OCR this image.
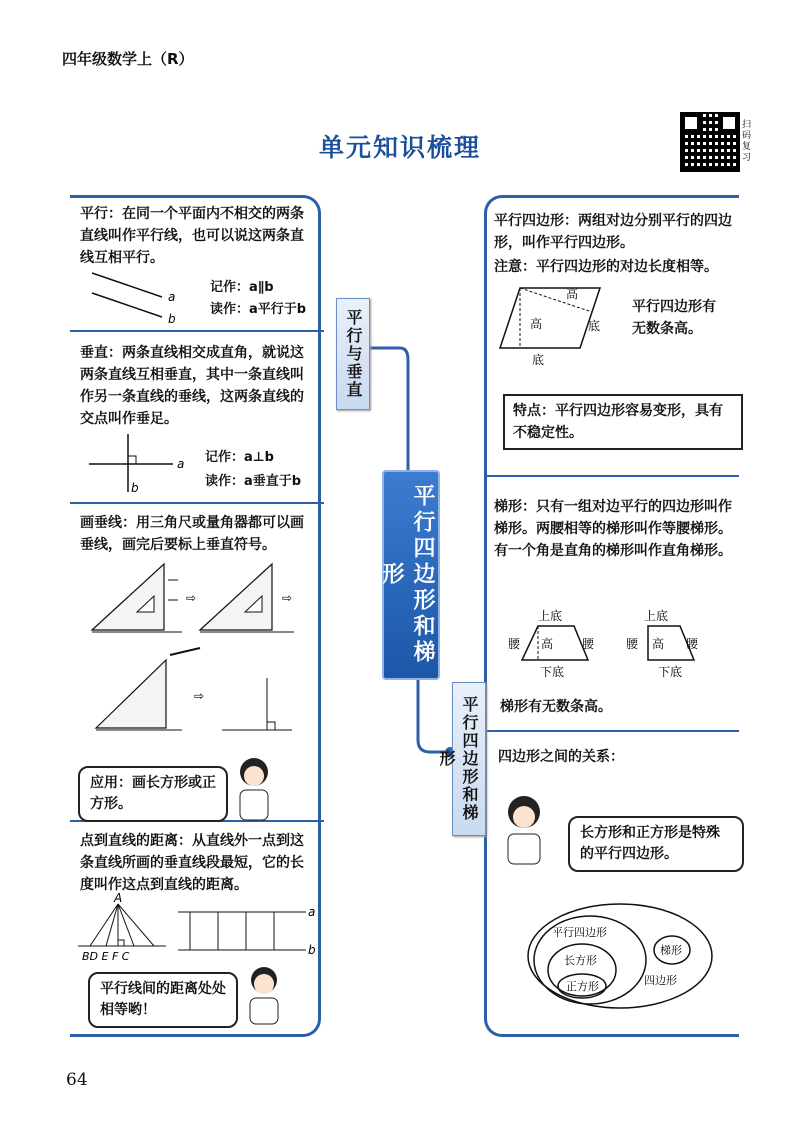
四年级数学上（R）
单元知识梳理
扫码复习
平行：在同一个平面内不相交的两条直线叫作平行线，也可以说这两条直线互相平行。
a
b
记作：a∥b
读作：a平行于b
垂直：两条直线相交成直角，就说这两条直线互相垂直，其中一条直线叫作另一条直线的垂线，这两条直线的交点叫作垂足。
a
b
记作：a⊥b
读作：a垂直于b
画垂线：用三角尺或量角器都可以画垂线，画完后要标上垂直符号。
⇨	⇨
⇨
应用：画长方形或正方形。
点到直线的距离：从直线外一点到这条直线所画的垂直线段最短，它的长度叫作这点到直线的距离。
A
BD E F C
a
b
平行线间的距离处处相等哟！
平行与垂直
平行四边形和梯形
平行四边形和梯形
平行四边形：两组对边分别平行的四边形，叫作平行四边形。
注意：平行四边形的对边长度相等。
高
高	底
底
平行四边形有无数条高。
特点：平行四边形容易变形，具有不稳定性。
梯形：只有一组对边平行的四边形叫作梯形。两腰相等的梯形叫作等腰梯形。有一个角是直角的梯形叫作直角梯形。
上底
高
腰	腰
下底
上底
高
腰	腰
下底
梯形有无数条高。
四边形之间的关系：
长方形和正方形是特殊的平行四边形。
平行四边形
长方形
正方形
梯形
四边形
64
